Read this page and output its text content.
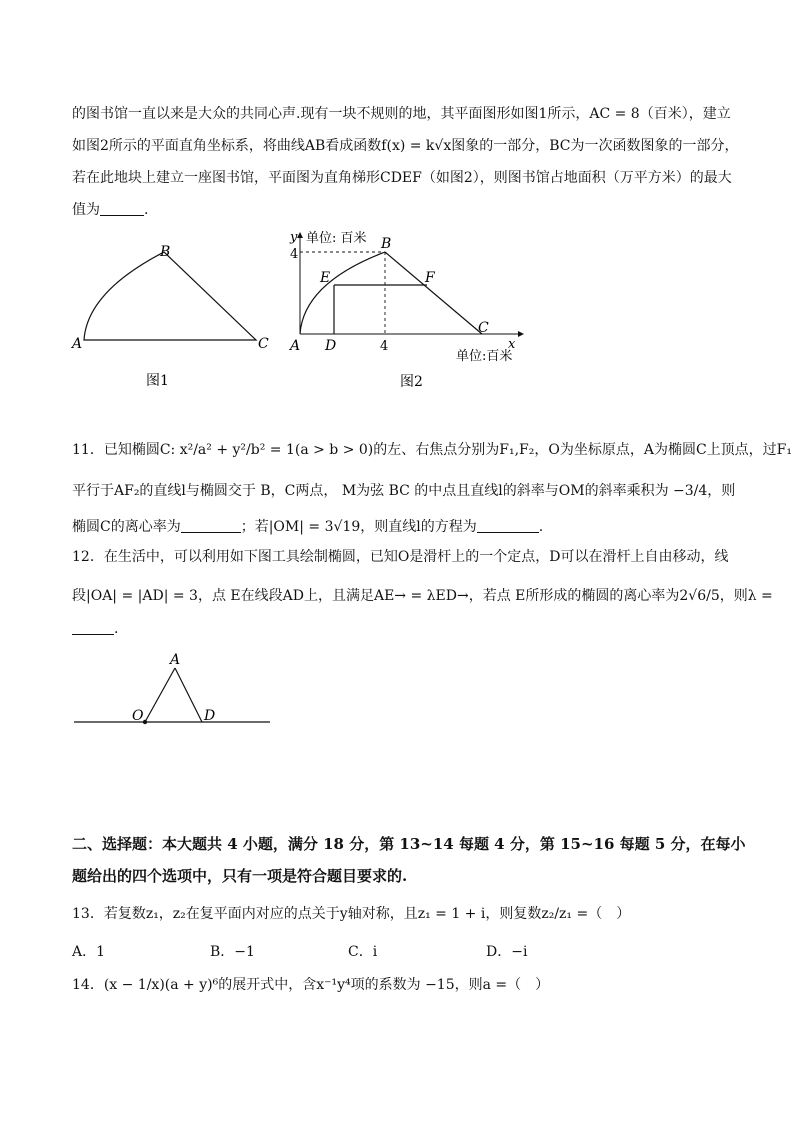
的图书馆一直以来是大众的共同心声.现有一块不规则的地，其平面图形如图1所示，AC = 8（百米），建立
如图2所示的平面直角坐标系，将曲线AB看成函数f(x) = k√x图象的一部分，BC为一次函数图象的一部分，
若在此地块上建立一座图书馆，平面图为直角梯形CDEF（如图2），则图书馆占地面积（万平方米）的最大
值为	.
B
A	C
图1
y
x
单位: 百米
单位:百米
4
4
B
E	F
C
A D
图2
11．已知椭圆C: x²/a² + y²/b² = 1(a > b > 0)的左、右焦点分别为F₁,F₂，O为坐标原点，A为椭圆C上顶点，过F₁
平行于AF₂的直线l与椭圆交于 B，C两点， M为弦 BC 的中点且直线l的斜率与OM的斜率乘积为 −3/4，则
椭圆C的离心率为	；若|OM| = 3√19，则直线l的方程为	.
12．在生活中，可以利用如下图工具绘制椭圆，已知O是滑杆上的一个定点，D可以在滑杆上自由移动，线
段|OA| = |AD| = 3，点 E在线段AD上，且满足AE→ = λED→，若点 E所形成的椭圆的离心率为2√6/5，则λ =
.
A
O	D
二、选择题：本大题共 4 小题，满分 18 分，第 13~14 每题 4 分，第 15~16 每题 5 分，在每小
题给出的四个选项中，只有一项是符合题目要求的.
13．若复数z₁，z₂在复平面内对应的点关于y轴对称，且z₁ = 1 + i，则复数z₂/z₁ =（　）
A．1	B．−1	C．i	D．−i
14．(x − 1/x)(a + y)⁶的展开式中，含x⁻¹y⁴项的系数为 −15，则a =（　）
